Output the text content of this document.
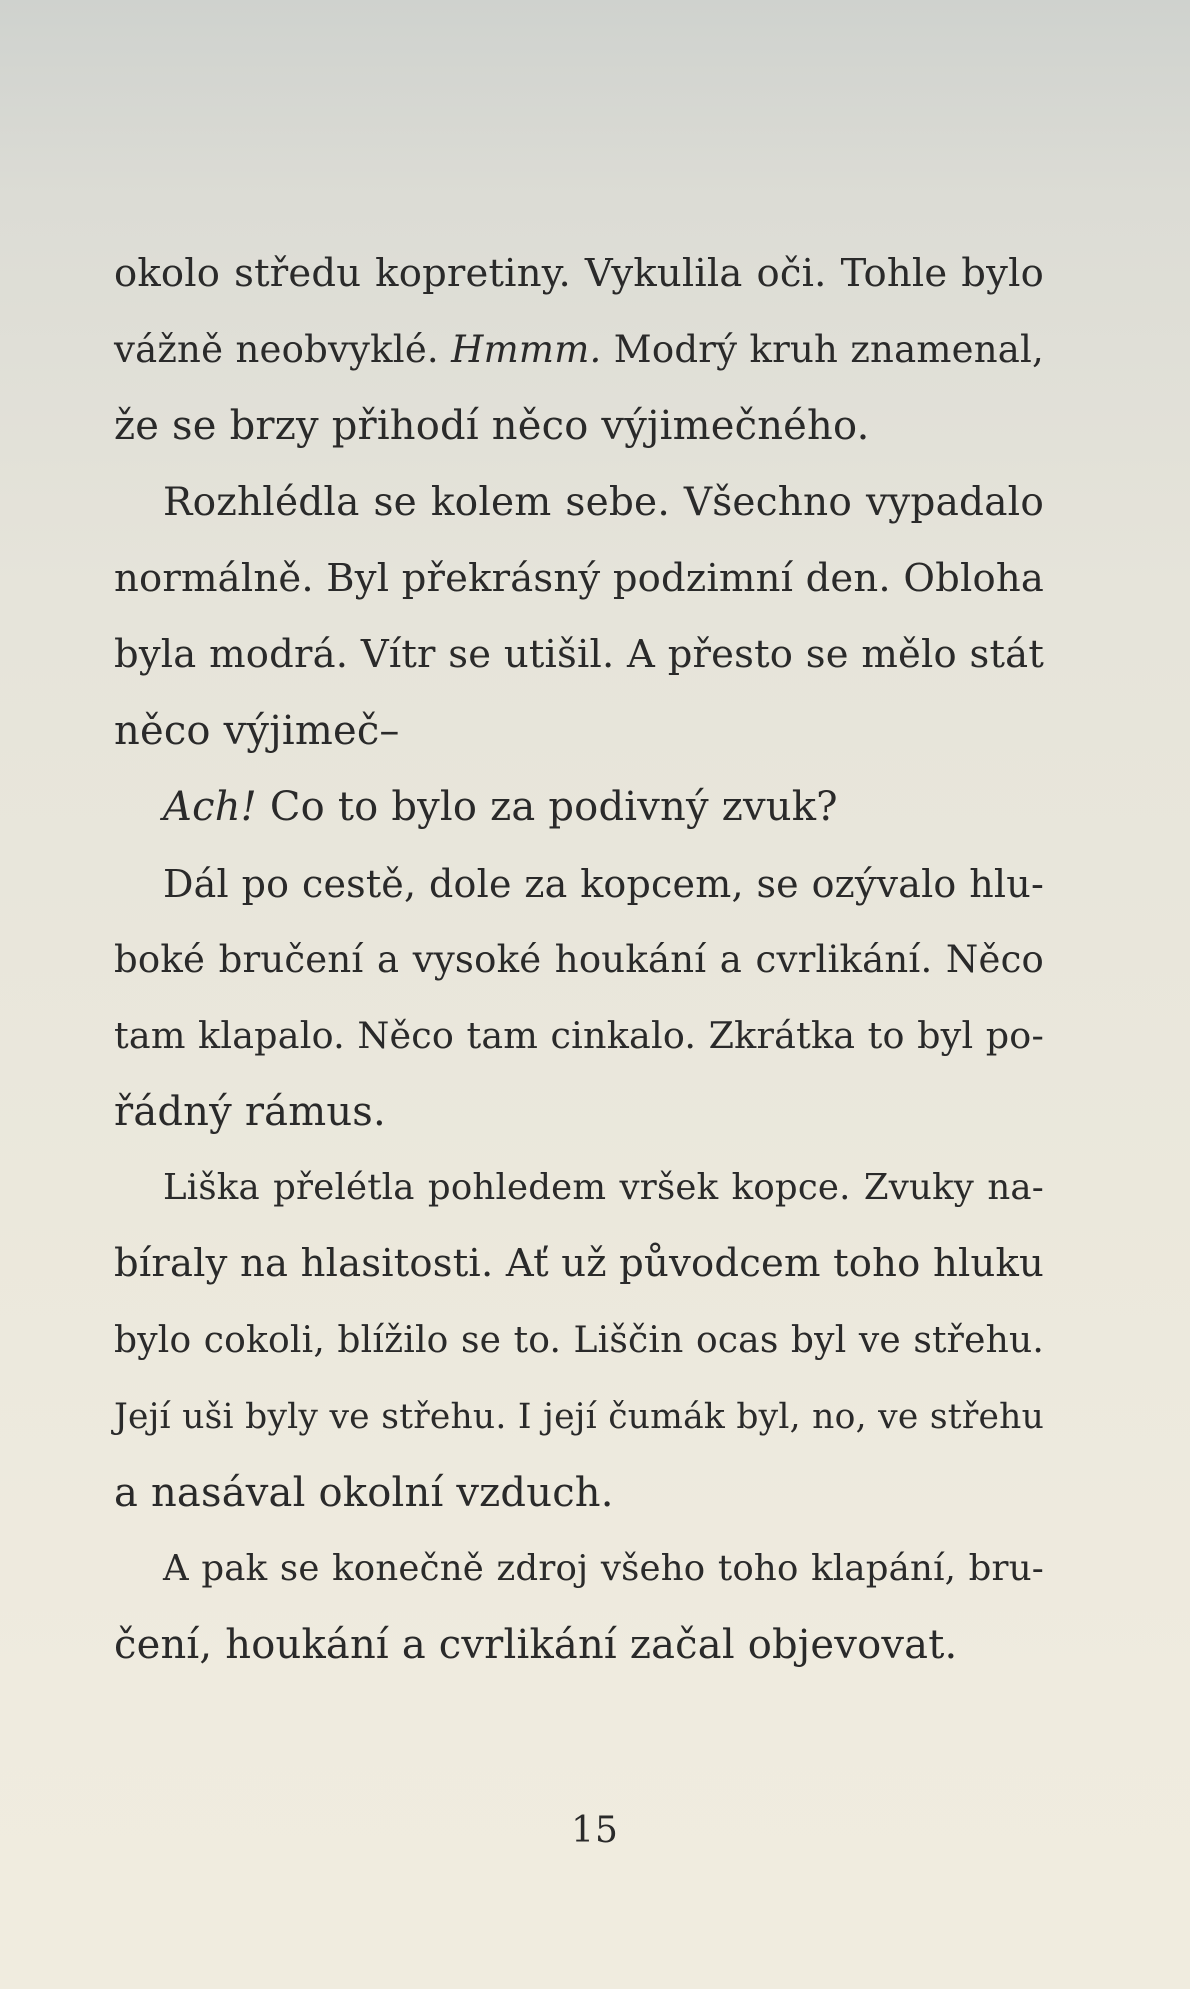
okolo středu kopretiny. Vykulila oči. Tohle bylo
vážně neobvyklé. Hmmm. Modrý kruh znamenal,
že se brzy přihodí něco výjimečného.
Rozhlédla se kolem sebe. Všechno vypadalo
normálně. Byl překrásný podzimní den. Obloha
byla modrá. Vítr se utišil. A přesto se mělo stát
něco výjimeč–
Ach! Co to bylo za podivný zvuk?
Dál po cestě, dole za kopcem, se ozývalo hlu-
boké bručení a vysoké houkání a cvrlikání. Něco
tam klapalo. Něco tam cinkalo. Zkrátka to byl po-
řádný rámus.
Liška přelétla pohledem vršek kopce. Zvuky na-
bíraly na hlasitosti. Ať už původcem toho hluku
bylo cokoli, blížilo se to. Liščin ocas byl ve střehu.
Její uši byly ve střehu. I její čumák byl, no, ve střehu
a nasával okolní vzduch.
A pak se konečně zdroj všeho toho klapání, bru-
čení, houkání a cvrlikání začal objevovat.
15
